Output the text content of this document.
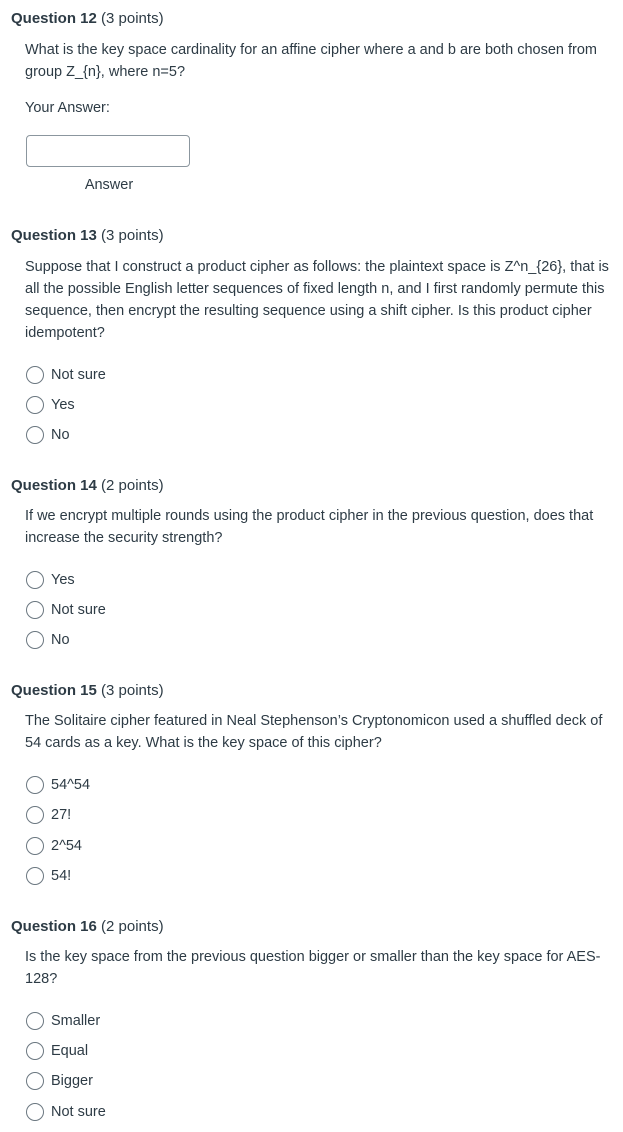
Question 12 (3 points)
What is the key space cardinality for an affine cipher where a and b are both chosen from group Z_{n}, where n=5?
Your Answer:
Answer
Question 13 (3 points)
Suppose that I construct a product cipher as follows: the plaintext space is Z^n_{26}, that is all the possible English letter sequences of fixed length n, and I first randomly permute this sequence, then encrypt the resulting sequence using a shift cipher. Is this product cipher idempotent?
Not sure
Yes
No
Question 14 (2 points)
If we encrypt multiple rounds using the product cipher in the previous question, does that increase the security strength?
Yes
Not sure
No
Question 15 (3 points)
The Solitaire cipher featured in Neal Stephenson’s Cryptonomicon used a shuffled deck of 54 cards as a key. What is the key space of this cipher?
54^54
27!
2^54
54!
Question 16 (2 points)
Is the key space from the previous question bigger or smaller than the key space for AES-128?
Smaller
Equal
Bigger
Not sure
